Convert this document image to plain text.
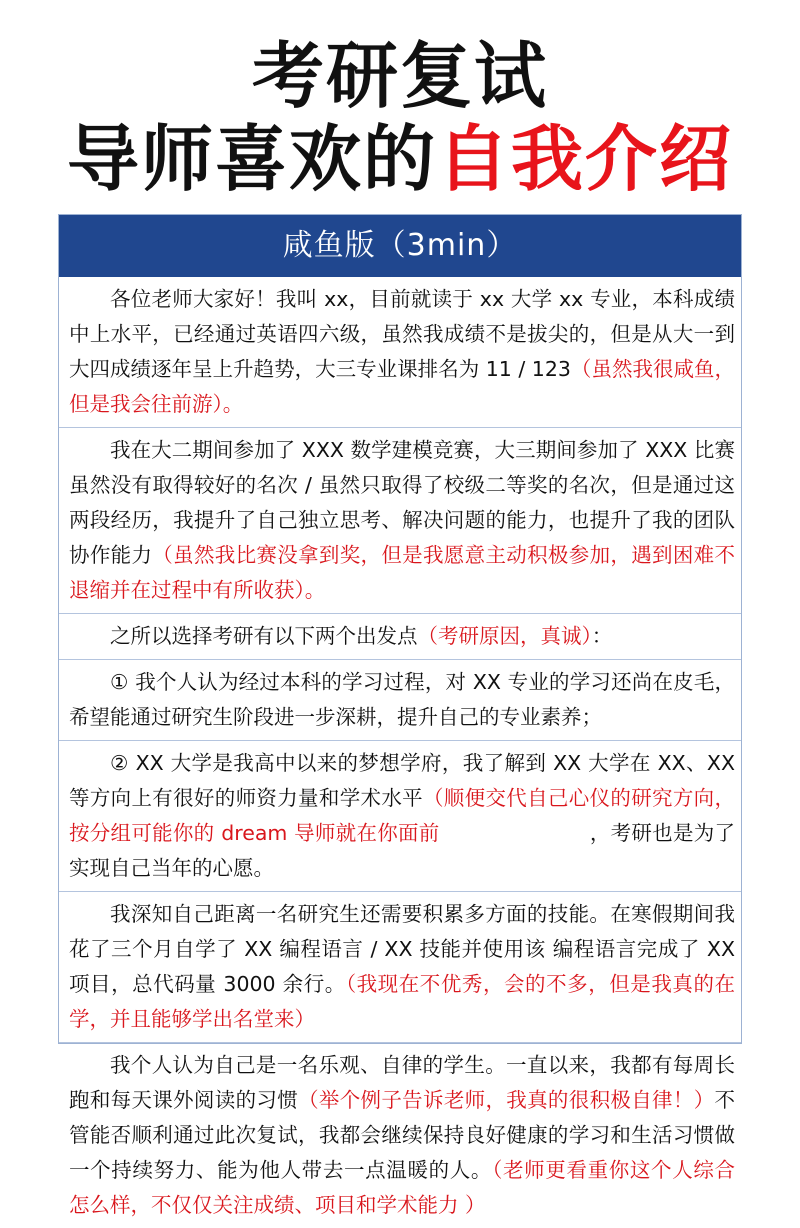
考研复试
导师喜欢的自我介绍
咸鱼版（3min）
各位老师大家好！我叫 xx，目前就读于 xx 大学 xx 专业，本科成绩中上水平，已经通过英语四六级，虽然我成绩不是拔尖的，但是从大一到大四成绩逐年呈上升趋势，大三专业课排名为 11 / 123（虽然我很咸鱼，但是我会往前游）。
我在大二期间参加了 XXX 数学建模竞赛，大三期间参加了 XXX 比赛虽然没有取得较好的名次 / 虽然只取得了校级二等奖的名次，但是通过这两段经历，我提升了自己独立思考、解决问题的能力，也提升了我的团队协作能力（虽然我比赛没拿到奖，但是我愿意主动积极参加，遇到困难不退缩并在过程中有所收获）。
之所以选择考研有以下两个出发点（考研原因，真诚）：
① 我个人认为经过本科的学习过程，对 XX 专业的学习还尚在皮毛，希望能通过研究生阶段进一步深耕，提升自己的专业素养；
② XX 大学是我高中以来的梦想学府，我了解到 XX 大学在 XX、XX 等方向上有很好的师资力量和学术水平（顺便交代自己心仪的研究方向，按分组可能你的 dream 导师就在你面前	，考研也是为了实现自己当年的心愿。
我深知自己距离一名研究生还需要积累多方面的技能。在寒假期间我花了三个月自学了 XX 编程语言 / XX 技能并使用该 编程语言完成了 XX 项目，总代码量 3000 余行。（我现在不优秀，会的不多，但是我真的在学，并且能够学出名堂来）
我个人认为自己是一名乐观、自律的学生。一直以来，我都有每周长跑和每天课外阅读的习惯（举个例子告诉老师，我真的很积极自律！）不管能否顺利通过此次复试，我都会继续保持良好健康的学习和生活习惯做一个持续努力、能为他人带去一点温暖的人。（老师更看重你这个人综合怎么样，不仅仅关注成绩、项目和学术能力 ）
